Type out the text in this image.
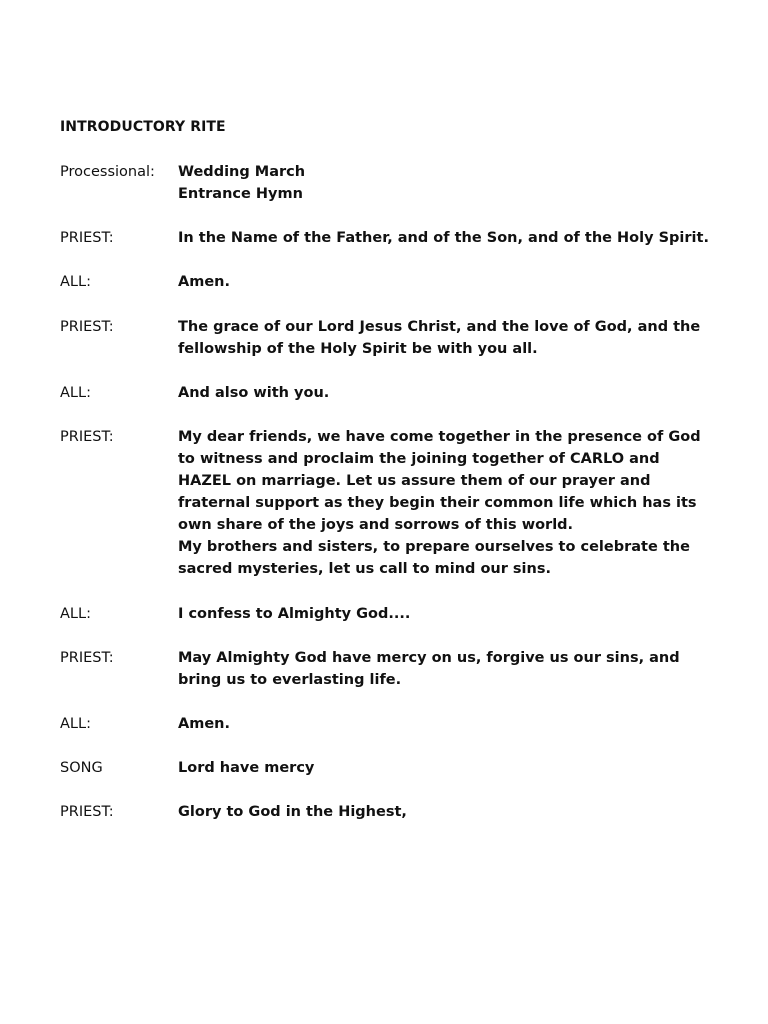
INTRODUCTORY RITE
Processional:	Wedding March
Entrance Hymn
PRIEST:	In the Name of the Father, and of the Son, and of the Holy Spirit.
ALL:	Amen.
PRIEST:	The grace of our Lord Jesus Christ, and the love of God, and the
fellowship of the Holy Spirit be with you all.
ALL:	And also with you.
PRIEST:	My dear friends, we have come together in the presence of God
to witness and proclaim the joining together of CARLO and
HAZEL on marriage. Let us assure them of our prayer and
fraternal support as they begin their common life which has its
own share of the joys and sorrows of this world.
My brothers and sisters, to prepare ourselves to celebrate the
sacred mysteries, let us call to mind our sins.
ALL:	I confess to Almighty God....
PRIEST:	May Almighty God have mercy on us, forgive us our sins, and
bring us to everlasting life.
ALL:	Amen.
SONG	Lord have mercy
PRIEST:	Glory to God in the Highest,
